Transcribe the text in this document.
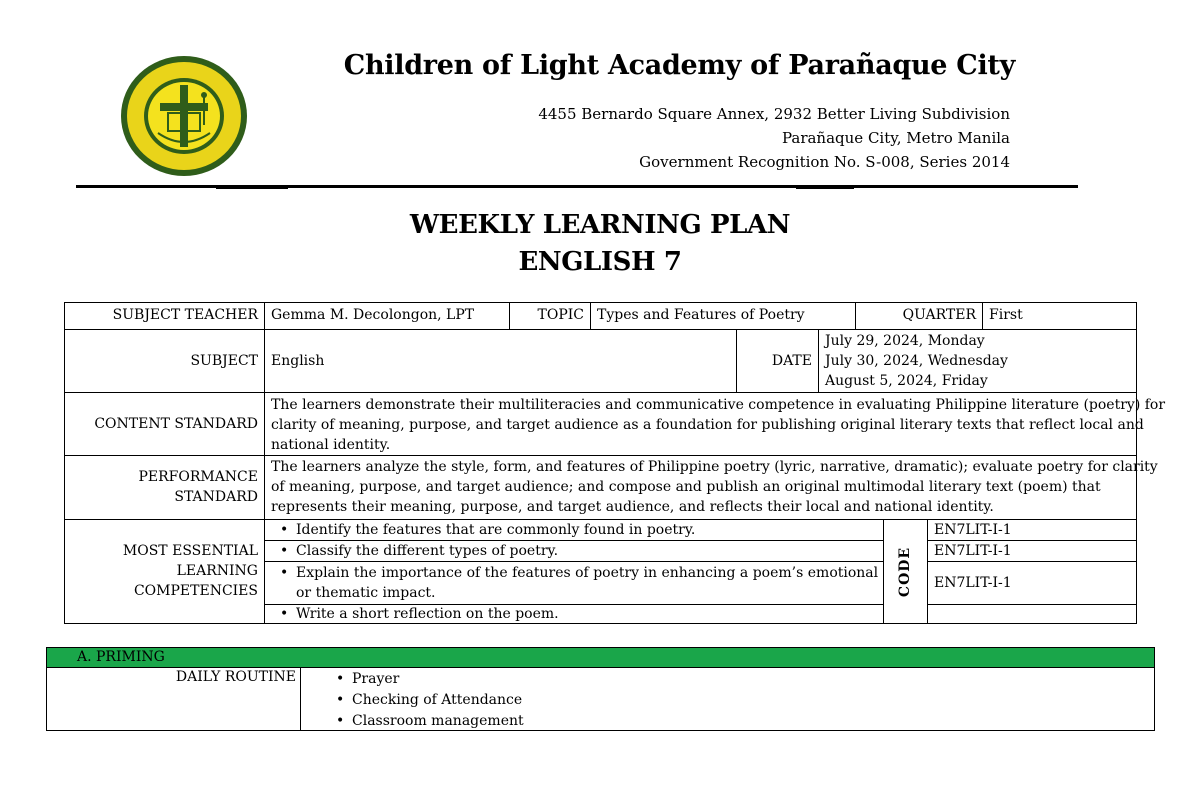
Children of Light Academy of Parañaque City
4455 Bernardo Square Annex, 2932 Better Living Subdivision
Parañaque City, Metro Manila
Government Recognition No. S-008, Series 2014
WEEKLY LEARNING PLAN
ENGLISH 7
SUBJECT TEACHER Gemma M. Decolongon, LPT	TOPIC Types and Features of Poetry	QUARTER First
SUBJECT English	DATE
July 29, 2024, Monday
July 30, 2024, Wednesday
August 5, 2024, Friday
CONTENT STANDARD
The learners demonstrate their multiliteracies and communicative competence in evaluating Philippine literature (poetry) for
clarity of meaning, purpose, and target audience as a foundation for publishing original literary texts that reflect local and
national identity.
PERFORMANCE
STANDARD
The learners analyze the style, form, and features of Philippine poetry (lyric, narrative, dramatic); evaluate poetry for clarity
of meaning, purpose, and target audience; and compose and publish an original multimodal literary text (poem) that
represents their meaning, purpose, and target audience, and reflects their local and national identity.
MOST ESSENTIAL
LEARNING
COMPETENCIES
• Identify the features that are commonly found in poetry.
• Classify the different types of poetry.
• Explain the importance of the features of poetry in enhancing a poem’s emotional
or thematic impact.
• Write a short reflection on the poem.
CODE
EN7LIT-I-1
EN7LIT-I-1
EN7LIT-I-1
A. PRIMING
DAILY ROUTINE
•	Prayer
• Checking of Attendance
• Classroom management
